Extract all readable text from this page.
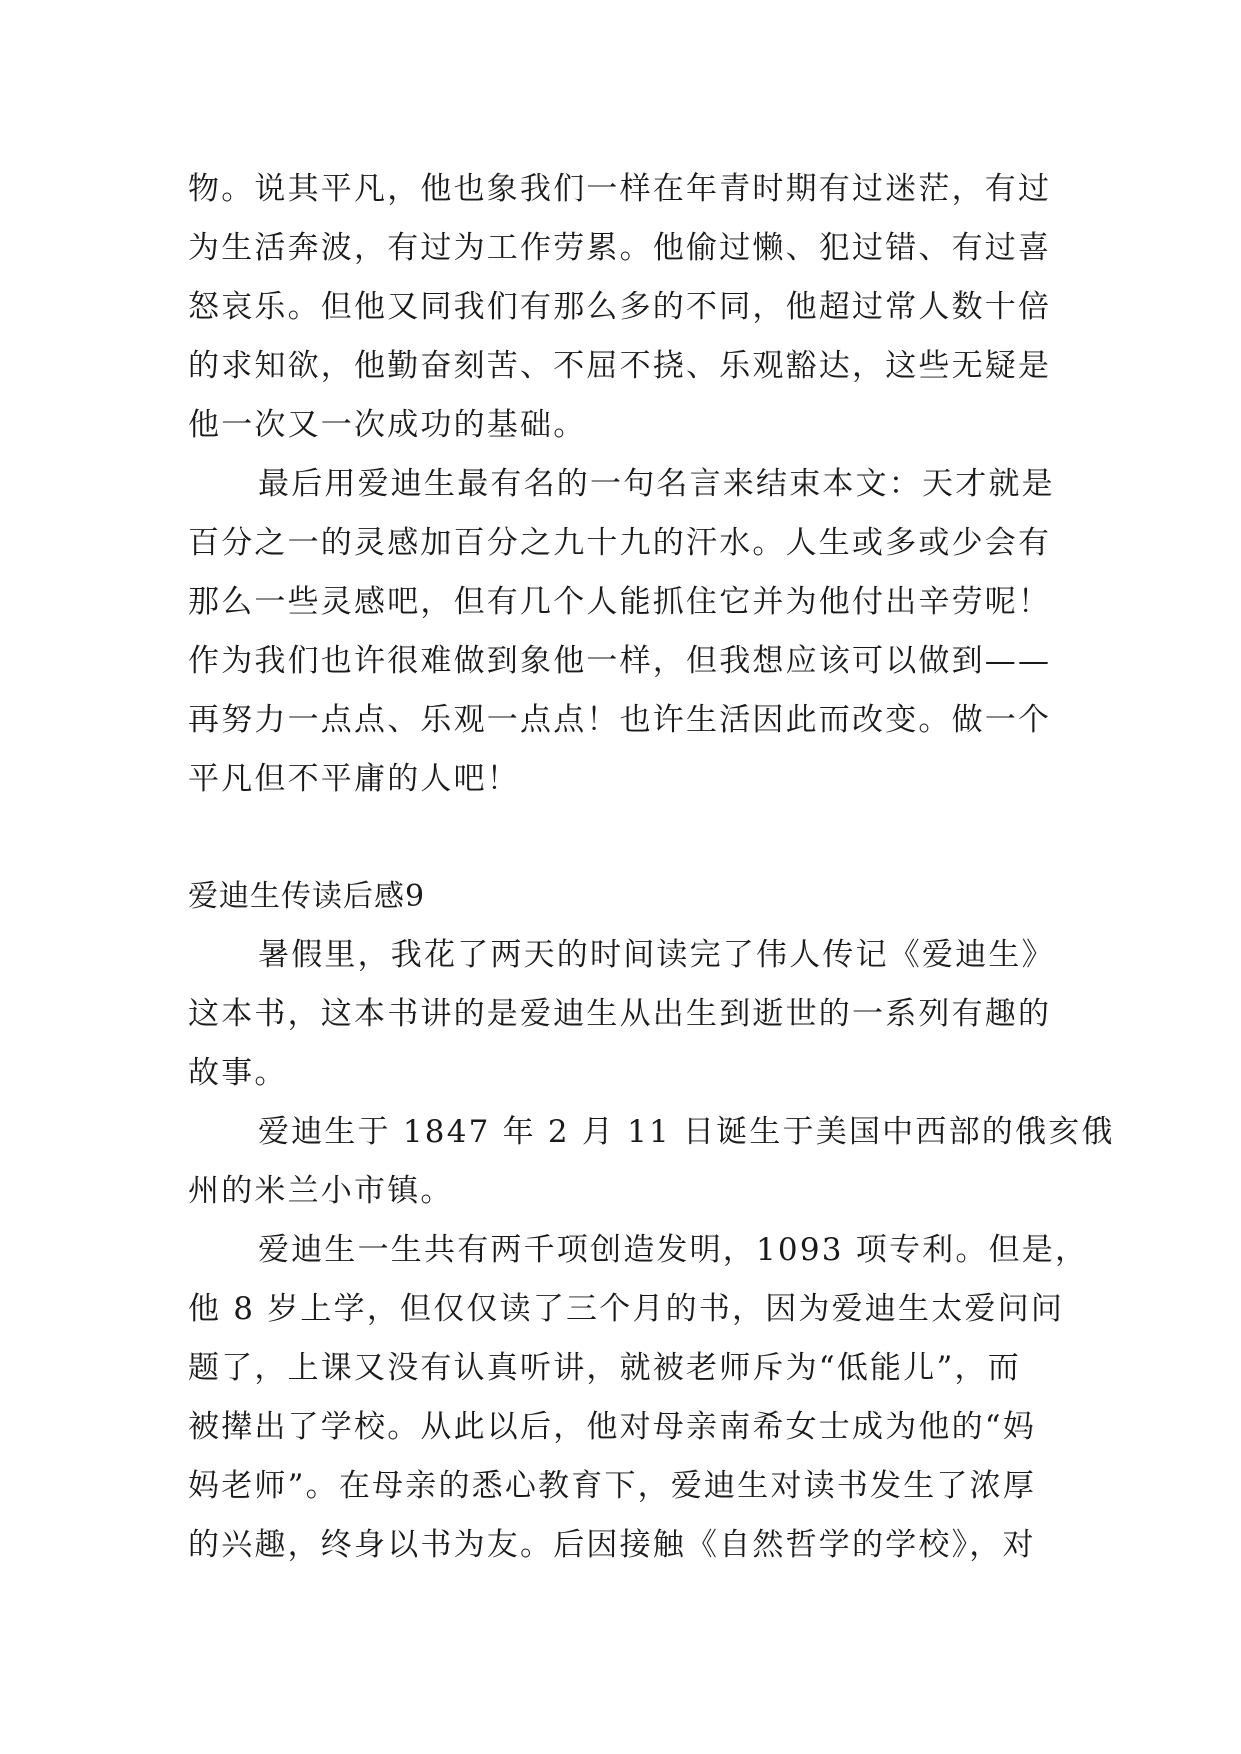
物。说其平凡，他也象我们一样在年青时期有过迷茫，有过
为生活奔波，有过为工作劳累。他偷过懒、犯过错、有过喜
怒哀乐。但他又同我们有那么多的不同，他超过常人数十倍
的求知欲，他勤奋刻苦、不屈不挠、乐观豁达，这些无疑是
他一次又一次成功的基础。
最后用爱迪生最有名的一句名言来结束本文：天才就是
百分之一的灵感加百分之九十九的汗水。人生或多或少会有
那么一些灵感吧，但有几个人能抓住它并为他付出辛劳呢！
作为我们也许很难做到象他一样，但我想应该可以做到——
再努力一点点、乐观一点点！也许生活因此而改变。做一个
平凡但不平庸的人吧！
爱迪生传读后感9
暑假里，我花了两天的时间读完了伟人传记《爱迪生》
这本书，这本书讲的是爱迪生从出生到逝世的一系列有趣的
故事。
爱迪生于 1847 年 2 月 11 日诞生于美国中西部的俄亥俄
州的米兰小市镇。
爱迪生一生共有两千项创造发明，1093 项专利。但是，
他 8 岁上学，但仅仅读了三个月的书，因为爱迪生太爱问问
题了，上课又没有认真听讲，就被老师斥为“低能儿”，而
被撵出了学校。从此以后，他对母亲南希女士成为他的“妈
妈老师”。在母亲的悉心教育下，爱迪生对读书发生了浓厚
的兴趣，终身以书为友。后因接触《自然哲学的学校》，对
